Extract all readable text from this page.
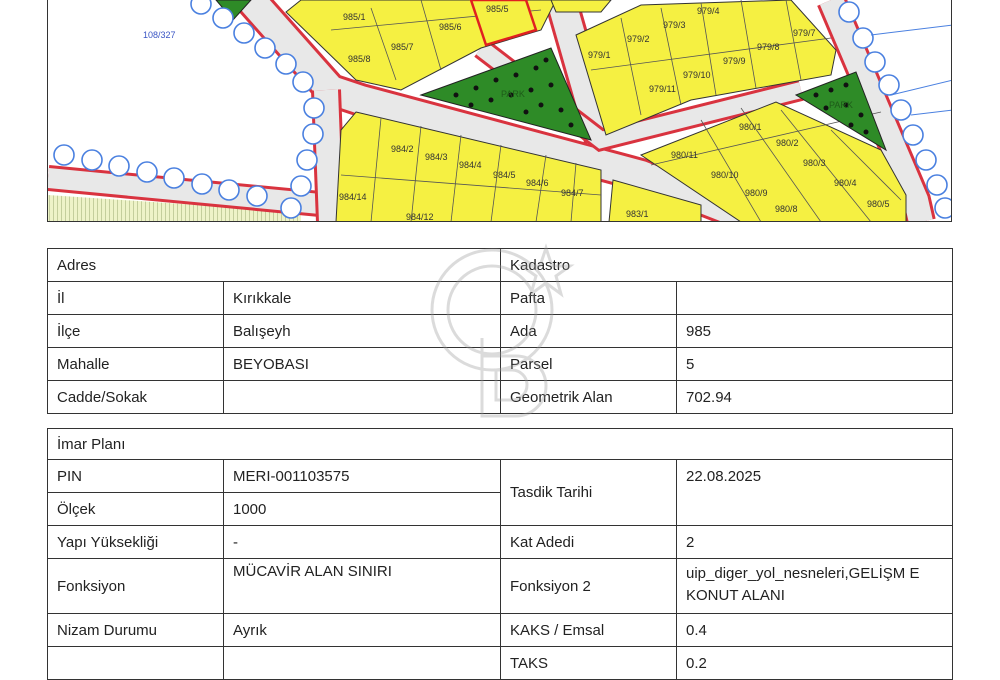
108/327
985/1
985/5
985/6
985/7
985/8	979/1
979/2
979/3
979/4
979/7
979/8
979/9
979/10
979/11
980/1
980/2
980/3
980/4
980/5
980/8
980/9
980/10
980/11
984/2
984/3
984/4
984/5
984/6
984/7
984/12
984/14
983/1
PARK
PARK
Adres		Kadastro	
İl	Kırıkkale	Pafta	
İlçe	Balışeyh	Ada	985
Mahalle	BEYOBASI	Parsel	5
Cadde/Sokak		Geometrik Alan	702.94
İmar Planı			
PIN	MERI-001103575	Tasdik Tarihi	22.08.2025
Ölçek	1000		
Yapı Yüksekliği	-	Kat Adedi	2
Fonksiyon	MÜCAVİR ALAN SINIRI	Fonksiyon 2	uip_diger_yol_nesneleri,GELİŞM E KONUT ALANI
Nizam Durumu	Ayrık	KAKS / Emsal	0.4
		TAKS	0.2
